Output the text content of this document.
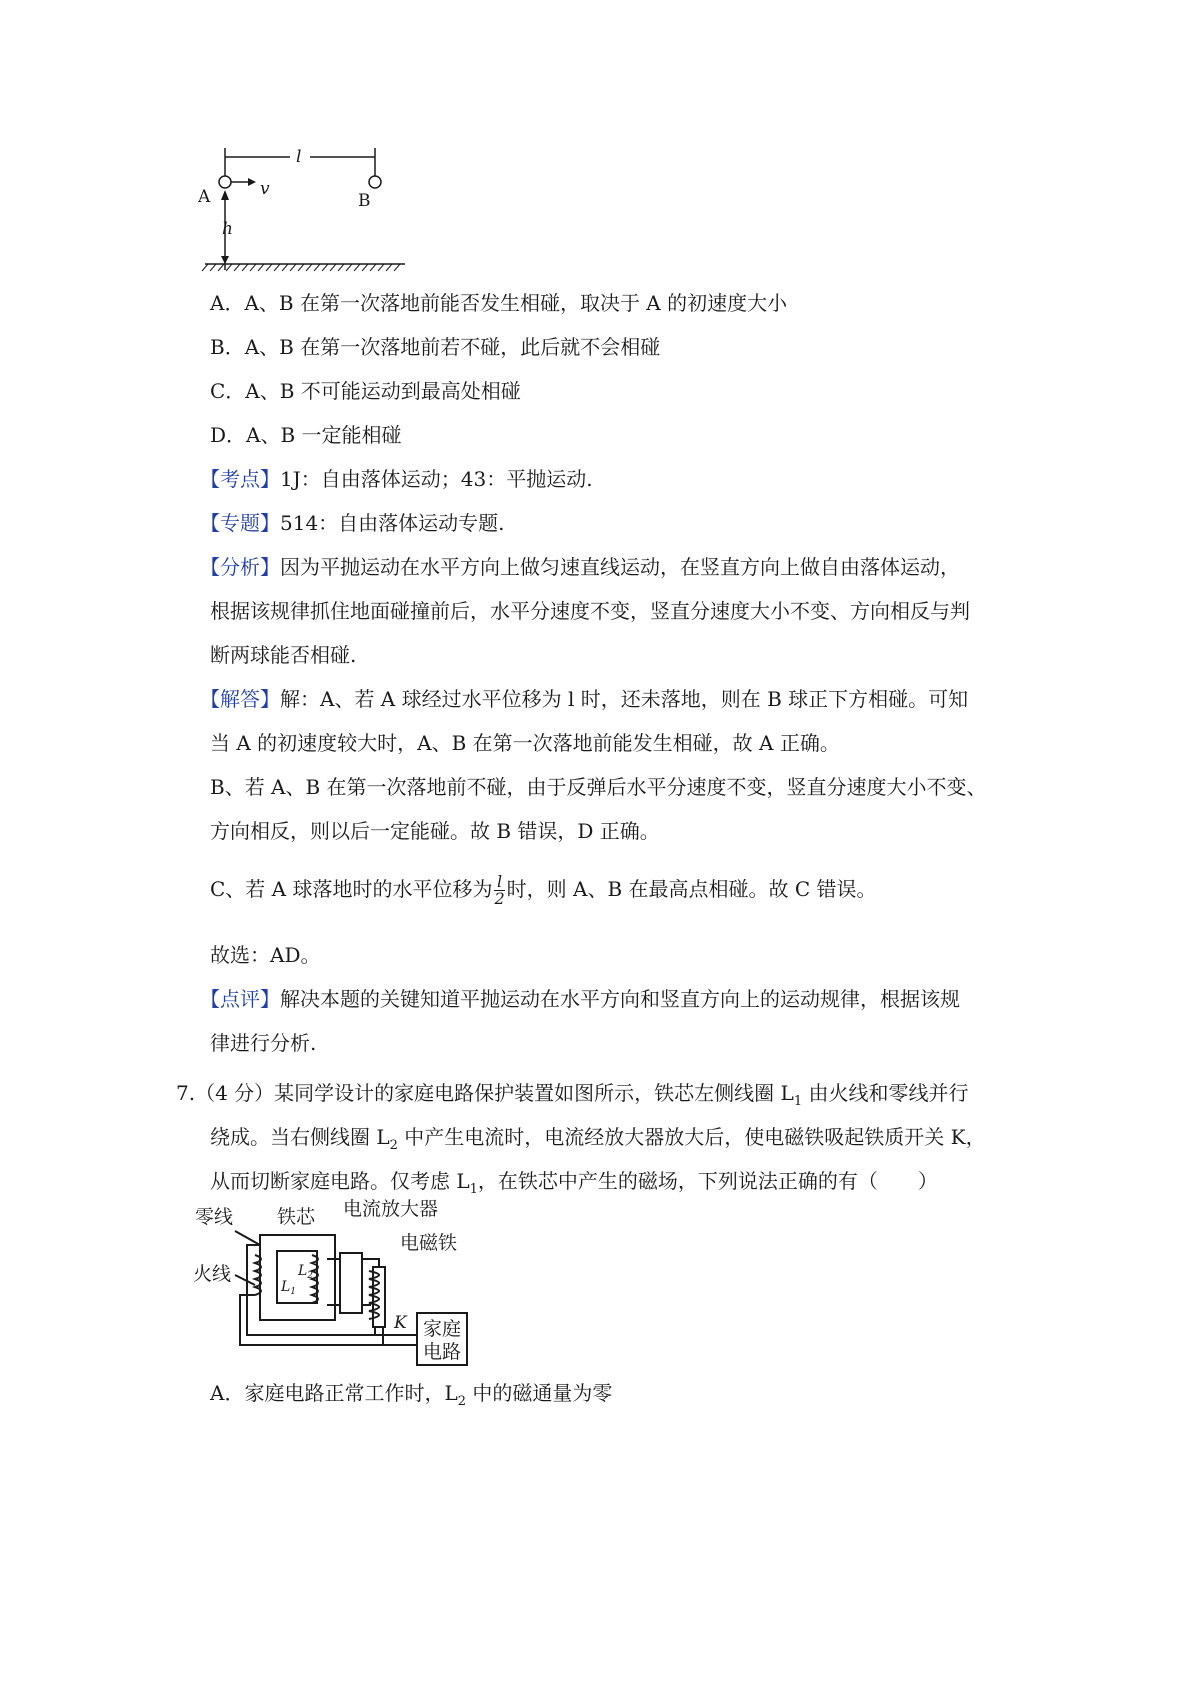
l
A	v
B
h
A．A、B 在第一次落地前能否发生相碰，取决于 A 的初速度大小
B．A、B 在第一次落地前若不碰，此后就不会相碰
C．A、B 不可能运动到最高处相碰
D．A、B 一定能相碰
【考点】1J：自由落体运动；43：平抛运动.
【专题】514：自由落体运动专题.
【分析】因为平抛运动在水平方向上做匀速直线运动，在竖直方向上做自由落体运动，
根据该规律抓住地面碰撞前后，水平分速度不变，竖直分速度大小不变、方向相反与判
断两球能否相碰.
【解答】解：A、若 A 球经过水平位移为 l 时，还未落地，则在 B 球正下方相碰。可知
当 A 的初速度较大时，A、B 在第一次落地前能发生相碰，故 A 正确。
B、若 A、B 在第一次落地前不碰，由于反弹后水平分速度不变，竖直分速度大小不变、
方向相反，则以后一定能碰。故 B 错误，D 正确。
C、若 A 球落地时的水平位移为 $\frac{l}{2}$ 时，则 A、B 在最高点相碰。故 C 错误。
故选：AD。
【点评】解决本题的关键知道平抛运动在水平方向和竖直方向上的运动规律，根据该规
律进行分析.
7.（4 分）某同学设计的家庭电路保护装置如图所示，铁芯左侧线圈 $L_1$ 由火线和零线并行
绕成。当右侧线圈 $L_2$ 中产生电流时，电流经放大器放大后，使电磁铁吸起铁质开关 K，
从而切断家庭电路。仅考虑 $L_1$，在铁芯中产生的磁场，下列说法正确的有（　　）
零线 铁芯 电流放大器
电磁铁
火线
家庭
电路
$L_1$
$L_2$
K
A．家庭电路正常工作时，$L_2$ 中的磁通量为零
